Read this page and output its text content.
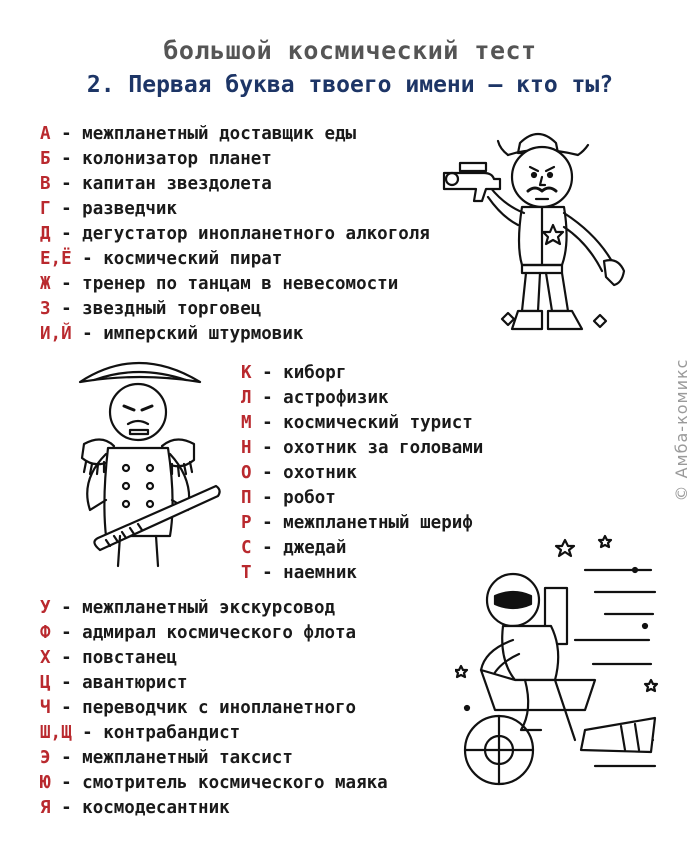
большой космический тест
2. Первая буква твоего имени — кто ты?
А - межпланетный доставщик еды
Б - колонизатор планет
В - капитан звездолета
Г - разведчик
Д - дегустатор инопланетного алкоголя
Е,Ё - космический пират
Ж - тренер по танцам в невесомости
З - звездный торговец
И,Й - имперский штурмовик
К - киборг
Л - астрофизик
М - космический турист
Н - охотник за головами
О - охотник
П - робот
Р - межпланетный шериф
С - джедай
Т - наемник
У - межпланетный экскурсовод
Ф - адмирал космического флота
Х - повстанец
Ц - авантюрист
Ч - переводчик с инопланетного
Ш,Щ - контрабандист
Э - межпланетный таксист
Ю - смотритель космического маяка
Я - космодесантник
© Амба-комикс
